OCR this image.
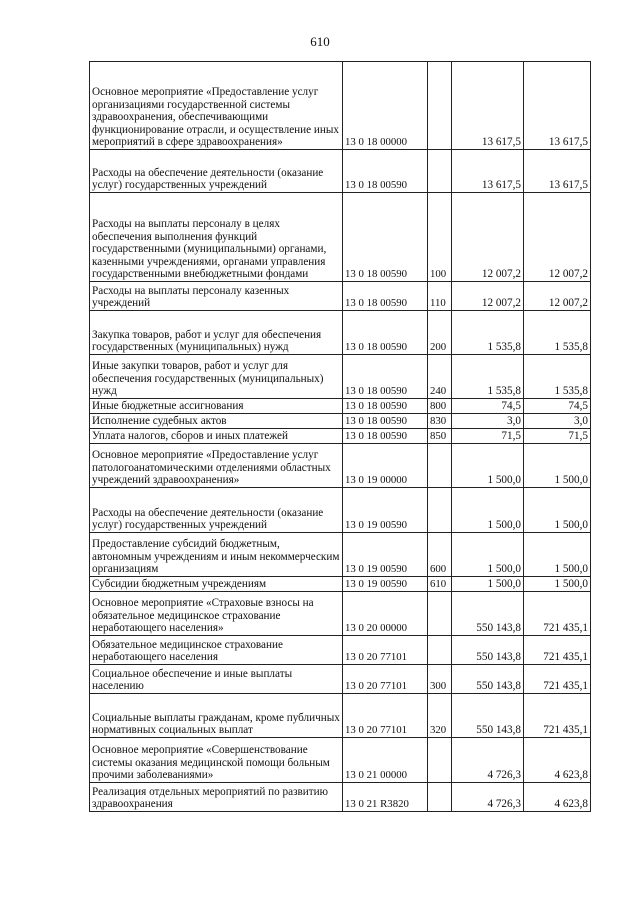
610
Основное мероприятие «Предоставление услуг организациями государственной системы здравоохранения, обеспечивающими функционирование отрасли, и осуществление иных мероприятий в сфере здравоохранения»	13 0 18 00000		13 617,5	13 617,5
Расходы на обеспечение деятельности (оказание услуг) государственных учреждений	13 0 18 00590		13 617,5	13 617,5
Расходы на выплаты персоналу в целях обеспечения выполнения функций государственными (муниципальными) органами, казенными учреждениями, органами управления государственными внебюджетными фондами	13 0 18 00590	100	12 007,2	12 007,2
Расходы на выплаты персоналу казенных учреждений	13 0 18 00590	110	12 007,2	12 007,2
Закупка товаров, работ и услуг для обеспечения государственных (муниципальных) нужд	13 0 18 00590	200	1 535,8	1 535,8
Иные закупки товаров, работ и услуг для обеспечения государственных (муниципальных) нужд	13 0 18 00590	240	1 535,8	1 535,8
Иные бюджетные ассигнования	13 0 18 00590	800	74,5	74,5
Исполнение судебных актов	13 0 18 00590	830	3,0	3,0
Уплата налогов, сборов и иных платежей	13 0 18 00590	850	71,5	71,5
Основное мероприятие «Предоставление услуг патологоанатомическими отделениями областных учреждений здравоохранения»	13 0 19 00000		1 500,0	1 500,0
Расходы на обеспечение деятельности (оказание услуг) государственных учреждений	13 0 19 00590		1 500,0	1 500,0
Предоставление субсидий бюджетным, автономным учреждениям и иным некоммерческим организациям	13 0 19 00590	600	1 500,0	1 500,0
Субсидии бюджетным учреждениям	13 0 19 00590	610	1 500,0	1 500,0
Основное мероприятие «Страховые взносы на обязательное медицинское страхование неработающего населения»	13 0 20 00000		550 143,8	721 435,1
Обязательное медицинское страхование неработающего населения	13 0 20 77101		550 143,8	721 435,1
Социальное обеспечение и иные выплаты населению	13 0 20 77101	300	550 143,8	721 435,1
Социальные выплаты гражданам, кроме публичных нормативных социальных выплат	13 0 20 77101	320	550 143,8	721 435,1
Основное мероприятие «Совершенствование системы оказания медицинской помощи больным прочими заболеваниями»	13 0 21 00000		4 726,3	4 623,8
Реализация отдельных мероприятий по развитию здравоохранения	13 0 21 R3820		4 726,3	4 623,8
